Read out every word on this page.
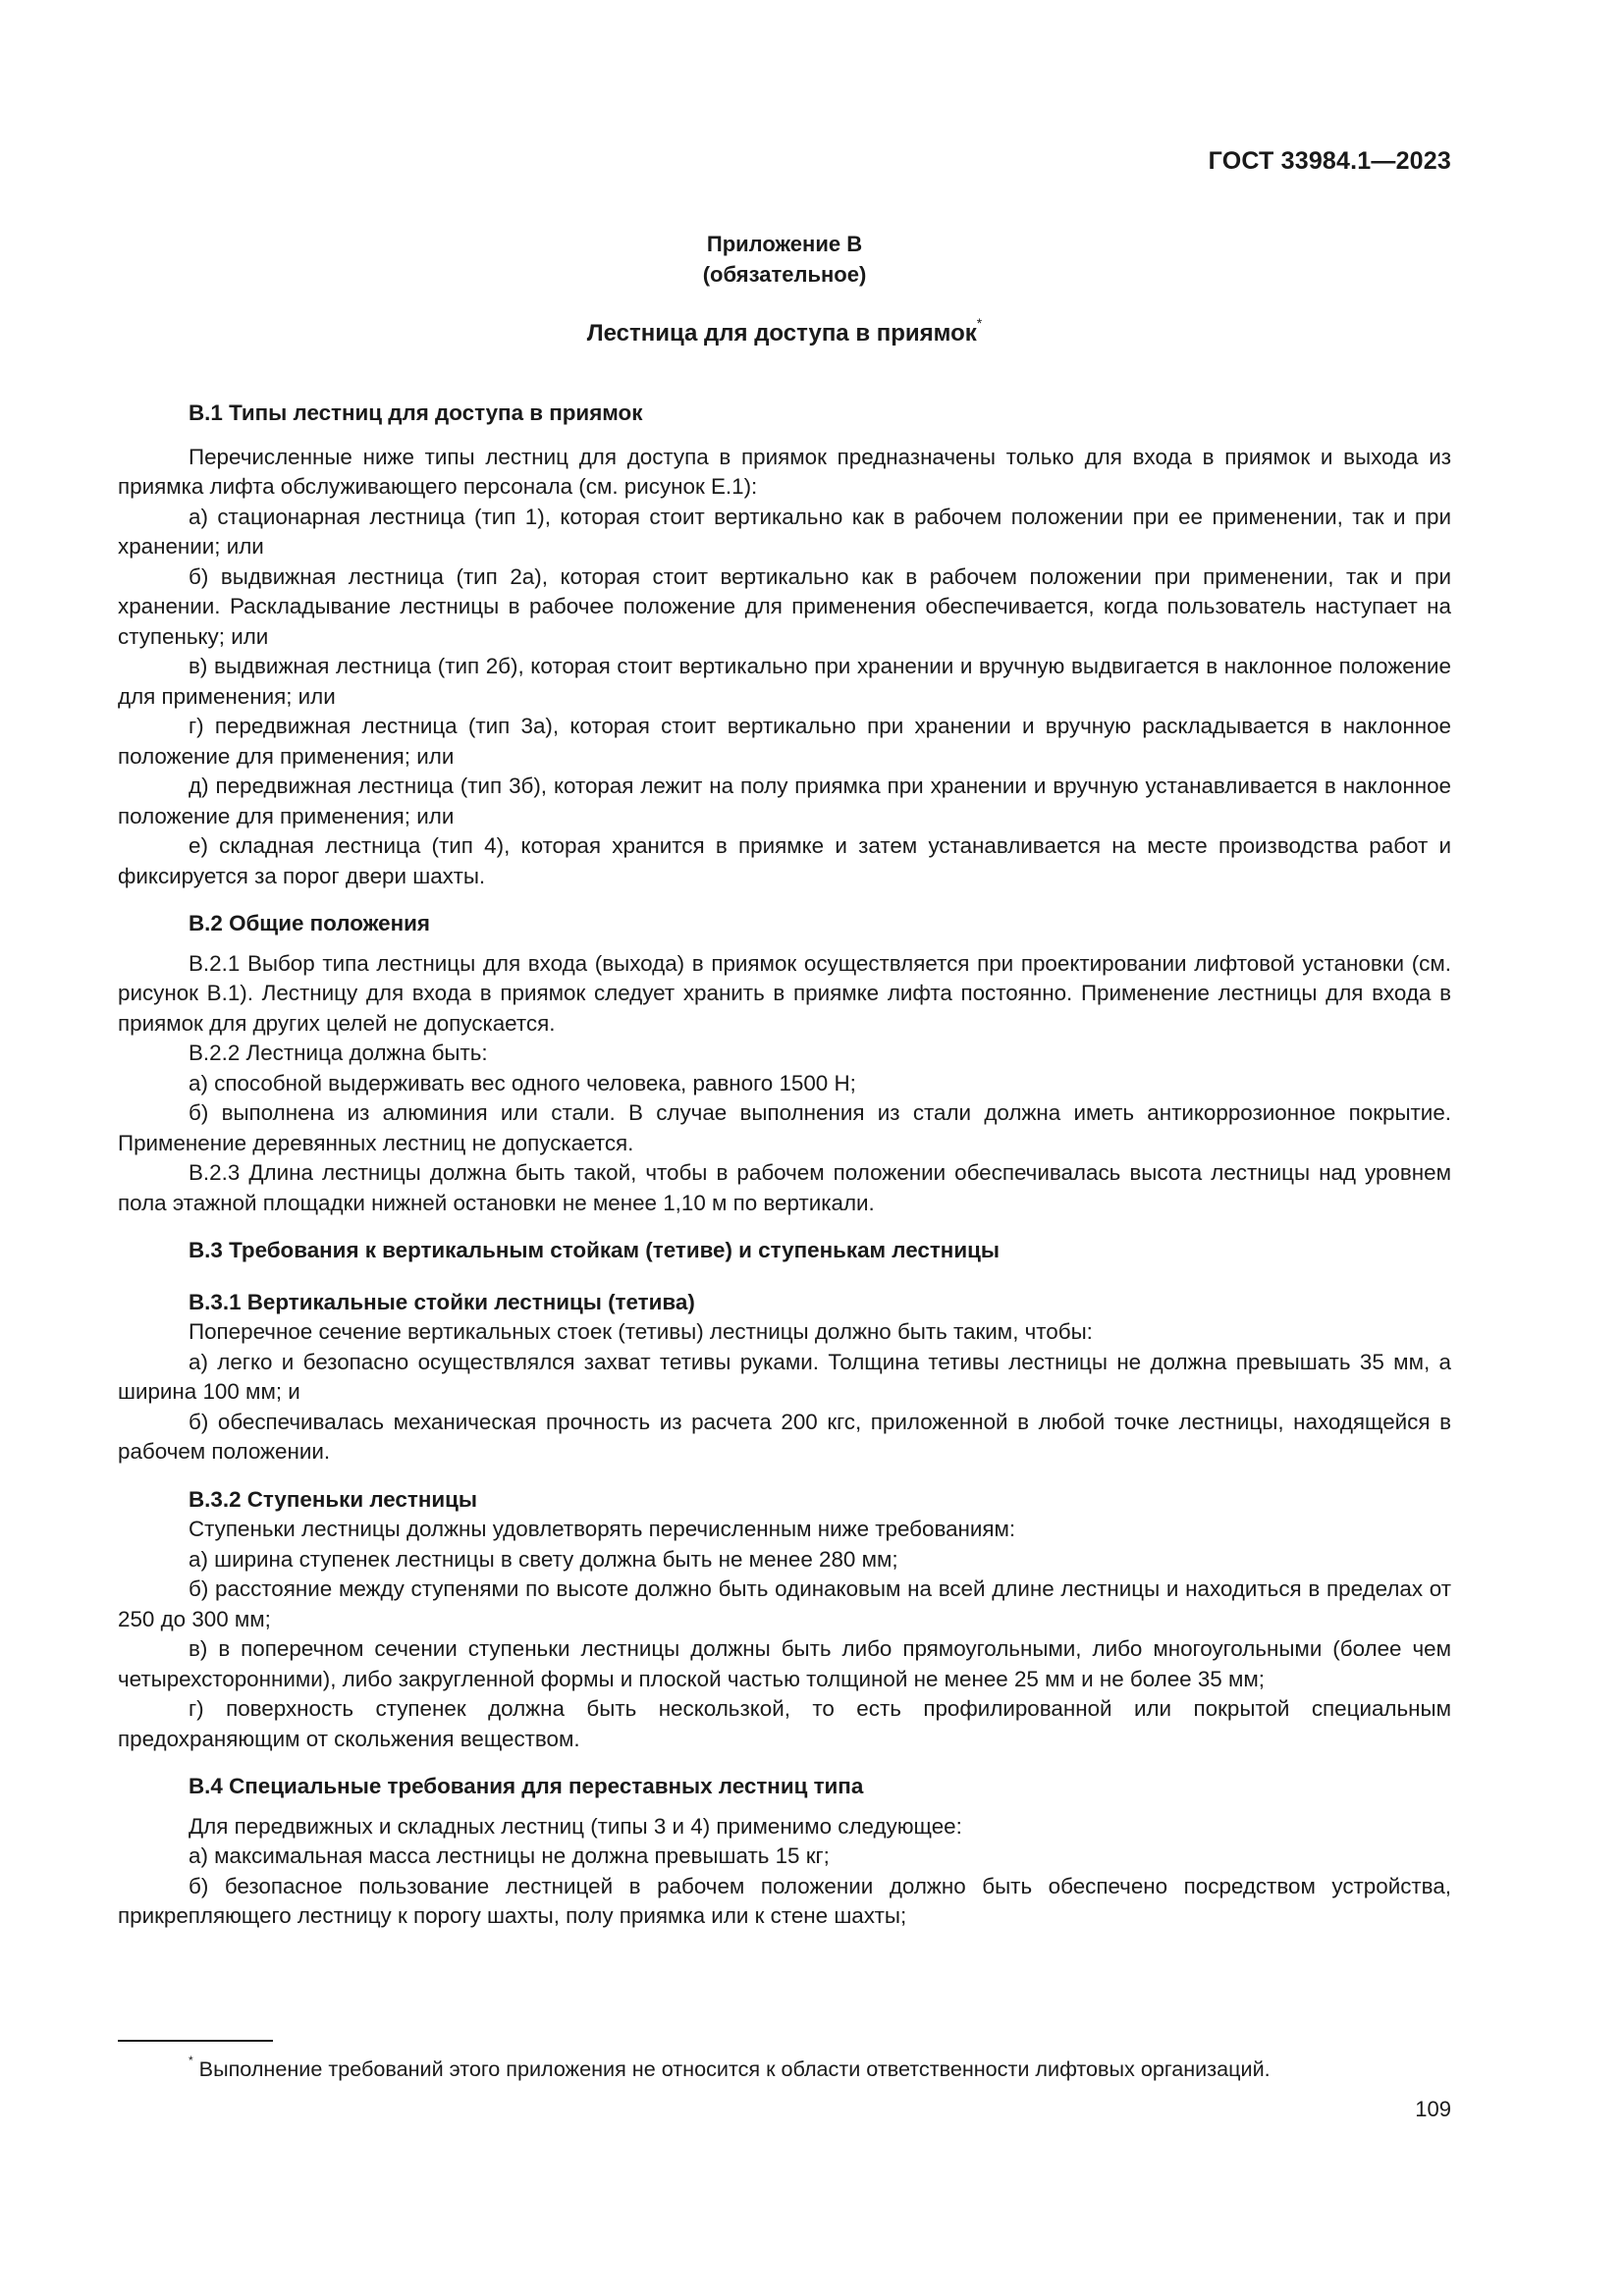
ГОСТ 33984.1—2023
Приложение В
(обязательное)
Лестница для доступа в приямок*

В.1 Типы лестниц для доступа в приямок

Перечисленные ниже типы лестниц для доступа в приямок предназначены только для входа в приямок и выхода из приямка лифта обслуживающего персонала (см. рисунок Е.1):

а) стационарная лестница (тип 1), которая стоит вертикально как в рабочем положении при ее применении, так и при хранении; или

б) выдвижная лестница (тип 2а), которая стоит вертикально как в рабочем положении при применении, так и при хранении. Раскладывание лестницы в рабочее положение для применения обеспечивается, когда пользователь наступает на ступеньку; или

в) выдвижная лестница (тип 2б), которая стоит вертикально при хранении и вручную выдвигается в наклонное положение для применения; или

г) передвижная лестница (тип 3а), которая стоит вертикально при хранении и вручную раскладывается в наклонное положение для применения; или

д) передвижная лестница (тип 3б), которая лежит на полу приямка при хранении и вручную устанавливается в наклонное положение для применения; или

е) складная лестница (тип 4), которая хранится в приямке и затем устанавливается на месте производства работ и фиксируется за порог двери шахты.

В.2 Общие положения

В.2.1 Выбор типа лестницы для входа (выхода) в приямок осуществляется при проектировании лифтовой установки (см. рисунок В.1). Лестницу для входа в приямок следует хранить в приямке лифта постоянно. Применение лестницы для входа в приямок для других целей не допускается.

В.2.2 Лестница должна быть:

а) способной выдерживать вес одного человека, равного 1500 Н;

б) выполнена из алюминия или стали. В случае выполнения из стали должна иметь антикоррозионное покрытие. Применение деревянных лестниц не допускается.

В.2.3 Длина лестницы должна быть такой, чтобы в рабочем положении обеспечивалась высота лестницы над уровнем пола этажной площадки нижней остановки не менее 1,10 м по вертикали.

В.3 Требования к вертикальным стойкам (тетиве) и ступенькам лестницы

В.3.1 Вертикальные стойки лестницы (тетива)

Поперечное сечение вертикальных стоек (тетивы) лестницы должно быть таким, чтобы:

а) легко и безопасно осуществлялся захват тетивы руками. Толщина тетивы лестницы не должна превышать 35 мм, а ширина 100 мм; и

б) обеспечивалась механическая прочность из расчета 200 кгс, приложенной в любой точке лестницы, находящейся в рабочем положении.

В.3.2 Ступеньки лестницы

Ступеньки лестницы должны удовлетворять перечисленным ниже требованиям:

а) ширина ступенек лестницы в свету должна быть не менее 280 мм;

б) расстояние между ступенями по высоте должно быть одинаковым на всей длине лестницы и находиться в пределах от 250 до 300 мм;

в) в поперечном сечении ступеньки лестницы должны быть либо прямоугольными, либо многоугольными (более чем четырехсторонними), либо закругленной формы и плоской частью толщиной не менее 25 мм и не более 35 мм;

г) поверхность ступенек должна быть нескользкой, то есть профилированной или покрытой специальным предохраняющим от скольжения веществом.

В.4 Специальные требования для переставных лестниц типа

Для передвижных и складных лестниц (типы 3 и 4) применимо следующее:

а) максимальная масса лестницы не должна превышать 15 кг;

б) безопасное пользование лестницей в рабочем положении должно быть обеспечено посредством устройства, прикрепляющего лестницу к порогу шахты, полу приямка или к стене шахты;

* Выполнение требований этого приложения не относится к области ответственности лифтовых организаций.
109
